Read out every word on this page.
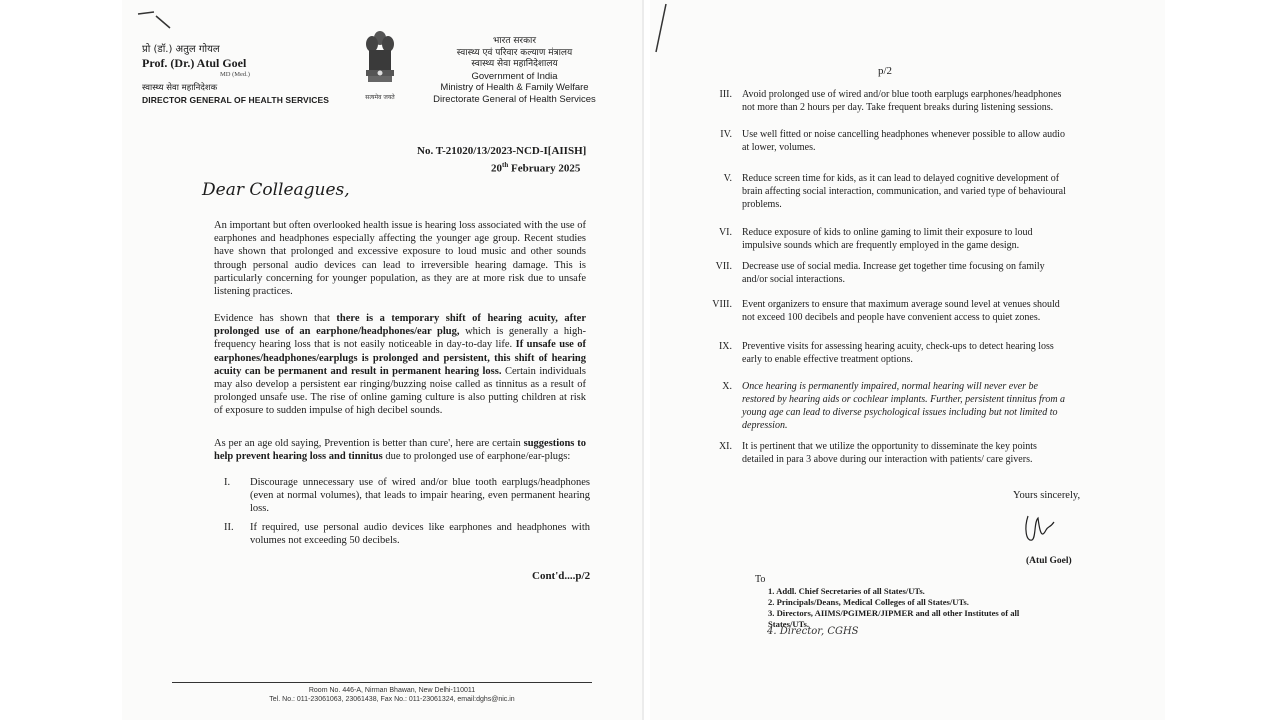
प्रो (डॉ.) अतुल गोयल
Prof. (Dr.) Atul Goel
MD (Med.)
स्वास्थ्य सेवा महानिदेशक
DIRECTOR GENERAL OF HEALTH SERVICES	सत्यमेव जयते
भारत सरकार
स्वास्थ्य एवं परिवार कल्याण मंत्रालय
स्वास्थ्य सेवा महानिदेशालय
Government of India
Ministry of Health & Family Welfare
Directorate General of Health Services
No. T-21020/13/2023-NCD-I[AIISH]
20th February 2025
Dear Colleagues,
An important but often overlooked health issue is hearing loss associated with the use of earphones and headphones especially affecting the younger age group. Recent studies have shown that prolonged and excessive exposure to loud music and other sounds through personal audio devices can lead to irreversible hearing damage. This is particularly concerning for younger population, as they are at more risk due to unsafe listening practices.
Evidence has shown that there is a temporary shift of hearing acuity, after prolonged use of an earphone/headphones/ear plug, which is generally a high-frequency hearing loss that is not easily noticeable in day-to-day life. If unsafe use of earphones/headphones/earplugs is prolonged and persistent, this shift of hearing acuity can be permanent and result in permanent hearing loss. Certain individuals may also develop a persistent ear ringing/buzzing noise called as tinnitus as a result of prolonged unsafe use. The rise of online gaming culture is also putting children at risk of exposure to sudden impulse of high decibel sounds.
As per an age old saying, Prevention is better than cure', here are certain suggestions to help prevent hearing loss and tinnitus due to prolonged use of earphone/ear-plugs:
I.	Discourage unnecessary use of wired and/or blue tooth earplugs/headphones (even at normal volumes), that leads to impair hearing, even permanent hearing loss.
II.	If required, use personal audio devices like earphones and headphones with volumes not exceeding 50 decibels.
Cont'd....p/2
Room No. 446-A, Nirman Bhawan, New Delhi-110011
Tel. No.: 011-23061063, 23061438, Fax No.: 011-23061324, email:dghs@nic.in
p/2
III. Avoid prolonged use of wired and/or blue tooth earplugs earphones/headphones not more than 2 hours per day. Take frequent breaks during listening sessions.
IV. Use well fitted or noise cancelling headphones whenever possible to allow audio at lower, volumes.
V. Reduce screen time for kids, as it can lead to delayed cognitive development of brain affecting social interaction, communication, and varied type of behavioural problems.
VI. Reduce exposure of kids to online gaming to limit their exposure to loud impulsive sounds which are frequently employed in the game design.
VII. Decrease use of social media. Increase get together time focusing on family and/or social interactions.
VIII. Event organizers to ensure that maximum average sound level at venues should not exceed 100 decibels and people have convenient access to quiet zones.
IX. Preventive visits for assessing hearing acuity, check-ups to detect hearing loss early to enable effective treatment options.
X. Once hearing is permanently impaired, normal hearing will never ever be restored by hearing aids or cochlear implants. Further, persistent tinnitus from a young age can lead to diverse psychological issues including but not limited to depression.
XI. It is pertinent that we utilize the opportunity to disseminate the key points detailed in para 3 above during our interaction with patients/ care givers.
Yours sincerely,
(Atul Goel)
To
1. Addl. Chief Secretaries of all States/UTs.
2. Principals/Deans, Medical Colleges of all States/UTs.
3. Directors, AIIMS/PGIMER/JIPMER and all other Institutes of all States/UTs.
4. Director, CGHS
